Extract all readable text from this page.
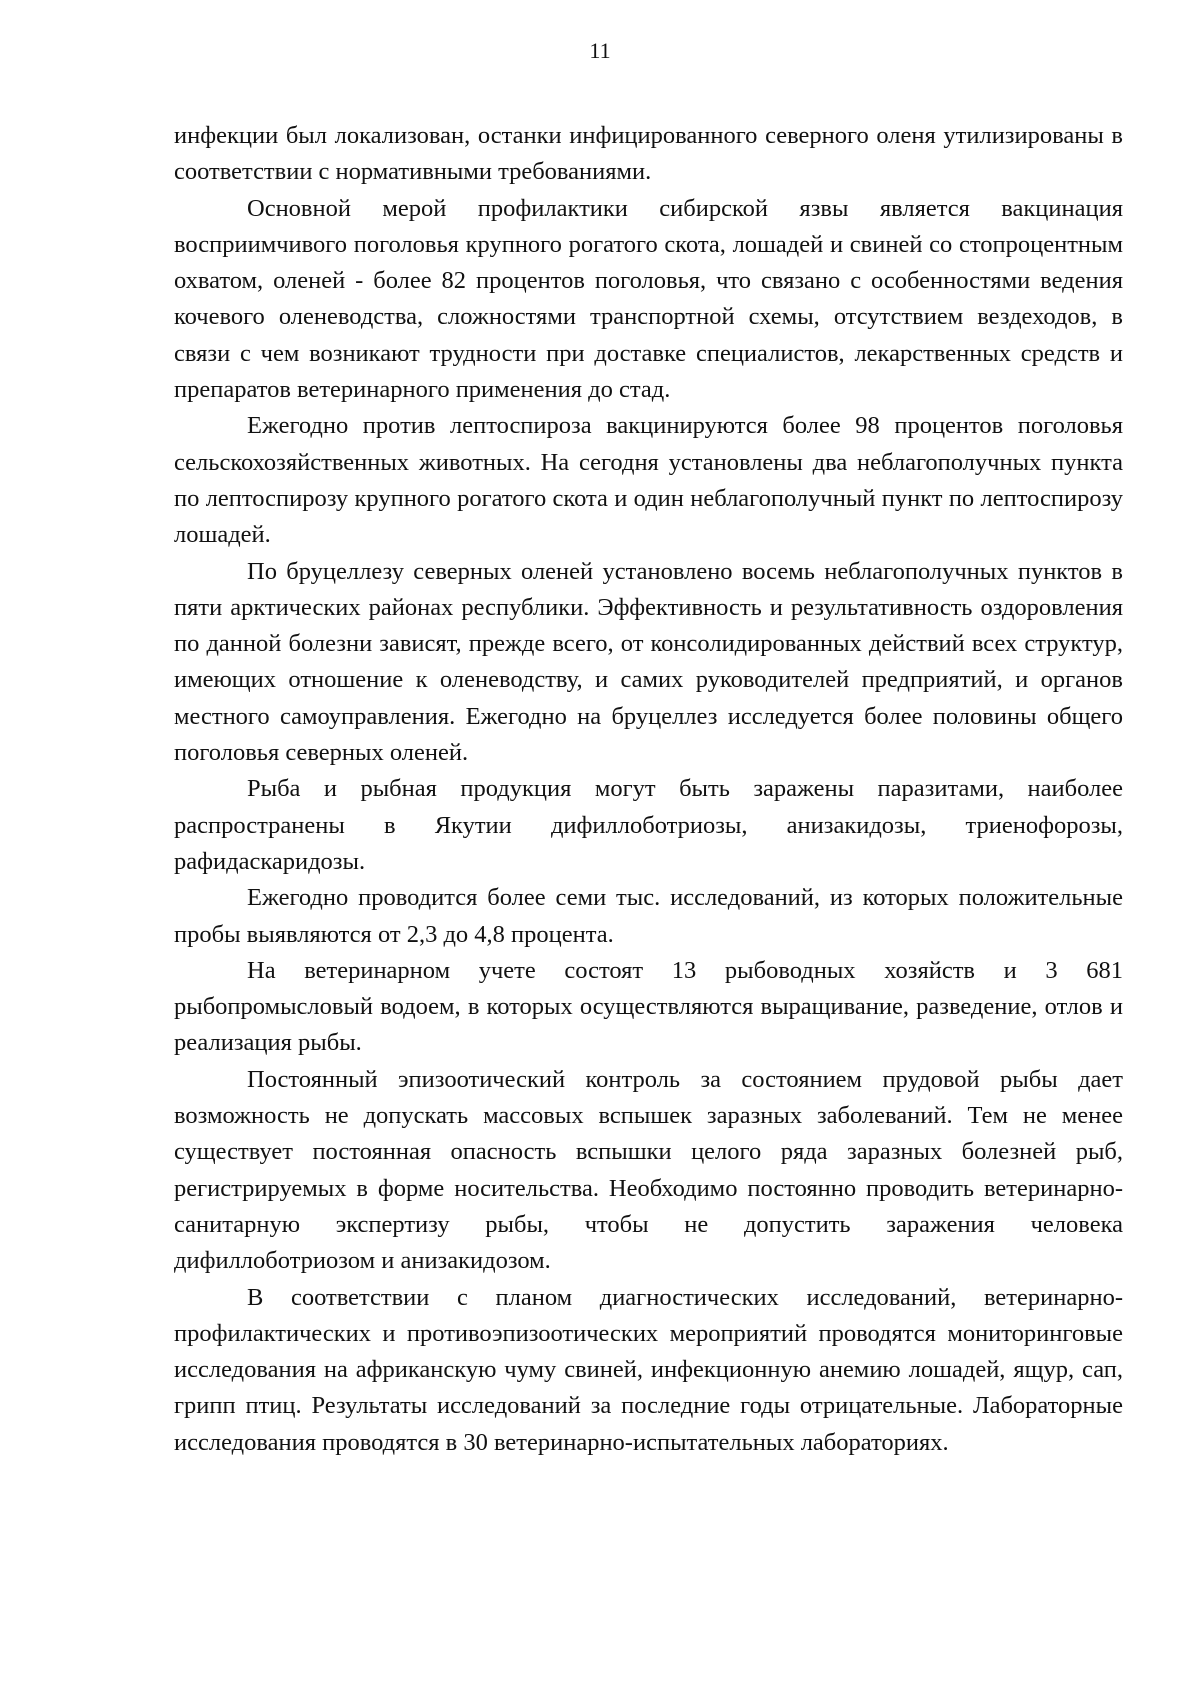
11

инфекции был локализован, останки инфицированного северного оленя утилизированы в соответствии с нормативными требованиями.

Основной мерой профилактики сибирской язвы является вакцинация восприимчивого поголовья крупного рогатого скота, лошадей и свиней со стопроцентным охватом, оленей - более 82 процентов поголовья, что связано с особенностями ведения кочевого оленеводства, сложностями транспортной схемы, отсутствием вездеходов, в связи с чем возникают трудности при доставке специалистов, лекарственных средств и препаратов ветеринарного применения до стад.

Ежегодно против лептоспироза вакцинируются более 98 процентов поголовья сельскохозяйственных животных. На сегодня установлены два неблагополучных пункта по лептоспирозу крупного рогатого скота и один неблагополучный пункт по лептоспирозу лошадей.

По бруцеллезу северных оленей установлено восемь неблагополучных пунктов в пяти арктических районах республики. Эффективность и результативность оздоровления по данной болезни зависят, прежде всего, от консолидированных действий всех структур, имеющих отношение к оленеводству, и самих руководителей предприятий, и органов местного самоуправления. Ежегодно на бруцеллез исследуется более половины общего поголовья северных оленей.

Рыба и рыбная продукция могут быть заражены паразитами, наиболее распространены в Якутии дифиллоботриозы, анизакидозы, триенофорозы, рафидаскаридозы.

Ежегодно проводится более семи тыс. исследований, из которых положительные пробы выявляются от 2,3 до 4,8 процента.

На ветеринарном учете состоят 13 рыбоводных хозяйств и 3 681 рыбопромысловый водоем, в которых осуществляются выращивание, разведение, отлов и реализация рыбы.

Постоянный эпизоотический контроль за состоянием прудовой рыбы дает возможность не допускать массовых вспышек заразных заболеваний. Тем не менее существует постоянная опасность вспышки целого ряда заразных болезней рыб, регистрируемых в форме носительства. Необходимо постоянно проводить ветеринарно-санитарную экспертизу рыбы, чтобы не допустить заражения человека дифиллоботриозом и анизакидозом.

В соответствии с планом диагностических исследований, ветеринарно-профилактических и противоэпизоотических мероприятий проводятся мониторинговые исследования на африканскую чуму свиней, инфекционную анемию лошадей, ящур, сап, грипп птиц. Результаты исследований за последние годы отрицательные. Лабораторные исследования проводятся в 30 ветеринарно-испытательных лабораториях.
